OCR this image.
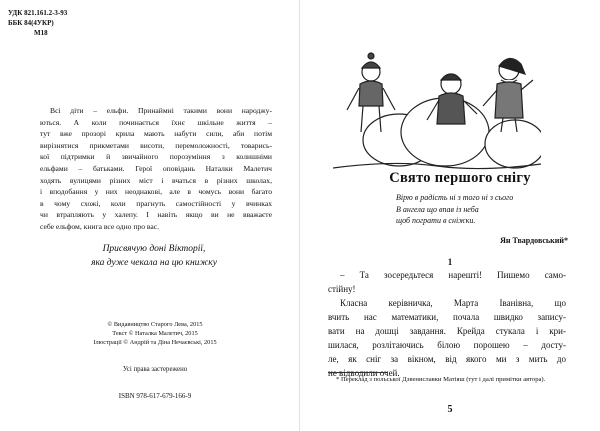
УДК 821.161.2-3-93
ББК 84(4УКР)
М18

Всі діти – ельфи. Принаймні такими вони народжу-
ються. А коли починається їхнє шкільне життя –
тут вже прозорі крила мають набути сили, аби потім
вирізнятися прикметами висоти, перемоложності, товарись-
кої підтримки й звичайного порозуміння з колишніми
ельфами – батьками. Герої оповідань Наталки Малетич
ходять вулицями різних міст і вчаться в різних школах,
і вподобання у них неоднакові, але в чомусь вони багато
в чому схожі, коли прагнуть самостійності у вчинках
чи втрапляють у халепу. І навіть якщо ви не вважаєте
себе ельфом, книга все одно про вас.

Присвячую доні Вікторії,
яка дуже чекала на цю книжку
© Видавництво Старого Лева, 2015
Текст © Наталка Малетич, 2015
Ілюстрації © Андрій та Діна Нечаєвські, 2015
Усі права застережено
ISBN 978-617-679-166-9
Свято першого снігу
Вірю в радість ні з того ні з сього
В ангела що впав із неба
щоб пограти в сніжки.
Ян Твардовський*
1

– Та зосередьтеся нарешті! Пишемо само-
стійну!

Класна керівничка, Марта Іванівна, що
вчить нас математики, почала швидко запису-
вати на дошці завдання. Крейда стукала і кри-
шилася, розлітаючись білою порошею – досту-
ле, як сніг за вікном, від якого ми з мить до
не відводили очей.

* Переклад з польської Дзвениславки Матіяш (тут і далі примітки автора).
5
